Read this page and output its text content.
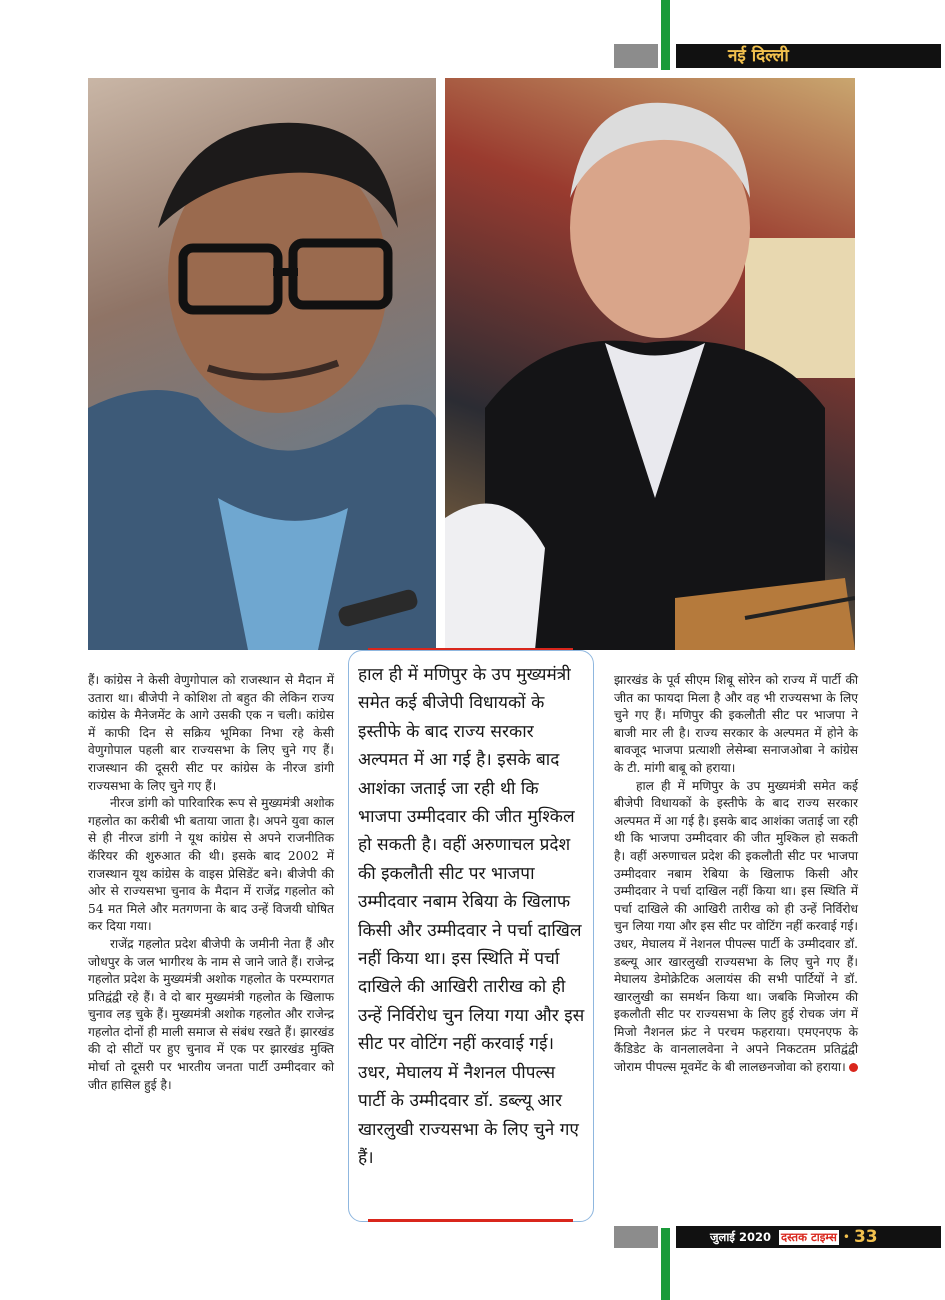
नई दिल्ली

हैं। कांग्रेस ने केसी वेणुगोपाल को राजस्थान से मैदान में उतारा था। बीजेपी ने कोशिश तो बहुत की लेकिन राज्य कांग्रेस के मैनेजमेंट के आगे उसकी एक न चली। कांग्रेस में काफी दिन से सक्रिय भूमिका निभा रहे केसी वेणुगोपाल पहली बार राज्यसभा के लिए चुने गए हैं। राजस्थान की दूसरी सीट पर कांग्रेस के नीरज डांगी राज्यसभा के लिए चुने गए हैं।

नीरज डांगी को पारिवारिक रूप से मुख्यमंत्री अशोक गहलोत का करीबी भी बताया जाता है। अपने युवा काल से ही नीरज डांगी ने यूथ कांग्रेस से अपने राजनीतिक कॅरियर की शुरुआत की थी। इसके बाद 2002 में राजस्थान यूथ कांग्रेस के वाइस प्रेसिडेंट बने। बीजेपी की ओर से राज्यसभा चुनाव के मैदान में राजेंद्र गहलोत को 54 मत मिले और मतगणना के बाद उन्हें विजयी घोषित कर दिया गया।

राजेंद्र गहलोत प्रदेश बीजेपी के जमीनी नेता हैं और जोधपुर के जल भागीरथ के नाम से जाने जाते हैं। राजेन्द्र गहलोत प्रदेश के मुख्यमंत्री अशोक गहलोत के परम्परागत प्रतिद्वंद्वी रहे हैं। वे दो बार मुख्यमंत्री गहलोत के खिलाफ चुनाव लड़ चुके हैं। मुख्यमंत्री अशोक गहलोत और राजेन्द्र गहलोत दोनों ही माली समाज से संबंध रखते हैं। झारखंड की दो सीटों पर हुए चुनाव में एक पर झारखंड मुक्ति मोर्चा तो दूसरी पर भारतीय जनता पार्टी उम्मीदवार को जीत हासिल हुई है।

हाल ही में मणिपुर के उप मुख्यमंत्री समेत कई बीजेपी विधायकों के इस्तीफे के बाद राज्य सरकार अल्पमत में आ गई है। इसके बाद आशंका जताई जा रही थी कि भाजपा उम्मीदवार की जीत मुश्किल हो सकती है। वहीं अरुणाचल प्रदेश की इकलौती सीट पर भाजपा उम्मीदवार नबाम रेबिया के खिलाफ किसी और उम्मीदवार ने पर्चा दाखिल नहीं किया था। इस स्थिति में पर्चा दाखिले की आखिरी तारीख को ही उन्हें निर्विरोध चुन लिया गया और इस सीट पर वोटिंग नहीं करवाई गई। उधर, मेघालय में नैशनल पीपल्स पार्टी के उम्मीदवार डॉ. डब्ल्यू आर खारलुखी राज्यसभा के लिए चुने गए हैं।

झारखंड के पूर्व सीएम शिबू सोरेन को राज्य में पार्टी की जीत का फायदा मिला है और वह भी राज्यसभा के लिए चुने गए हैं। मणिपुर की इकलौती सीट पर भाजपा ने बाजी मार ली है। राज्य सरकार के अल्पमत में होने के बावजूद भाजपा प्रत्याशी लेसेम्बा सनाजओबा ने कांग्रेस के टी. मांगी बाबू को हराया।

हाल ही में मणिपुर के उप मुख्यमंत्री समेत कई बीजेपी विधायकों के इस्तीफे के बाद राज्य सरकार अल्पमत में आ गई है। इसके बाद आशंका जताई जा रही थी कि भाजपा उम्मीदवार की जीत मुश्किल हो सकती है। वहीं अरुणाचल प्रदेश की इकलौती सीट पर भाजपा उम्मीदवार नबाम रेबिया के खिलाफ किसी और उम्मीदवार ने पर्चा दाखिल नहीं किया था। इस स्थिति में पर्चा दाखिले की आखिरी तारीख को ही उन्हें निर्विरोध चुन लिया गया और इस सीट पर वोटिंग नहीं करवाई गई। उधर, मेघालय में नेशनल पीपल्स पार्टी के उम्मीदवार डॉ. डब्ल्यू आर खारलुखी राज्यसभा के लिए चुने गए हैं। मेघालय डेमोक्रेटिक अलायंस की सभी पार्टियों ने डॉ. खारलुखी का समर्थन किया था। जबकि मिजोरम की इकलौती सीट पर राज्यसभा के लिए हुई रोचक जंग में मिजो नैशनल फ्रंट ने परचम फहराया। एमएनएफ के कैंडिडेट के वानलालवेना ने अपने निकटतम प्रतिद्वंद्वी जोराम पीपल्स मूवमेंट के बी लालछनजोवा को हराया।

जुलाई 2020 दस्तक टाइम्स • 33
